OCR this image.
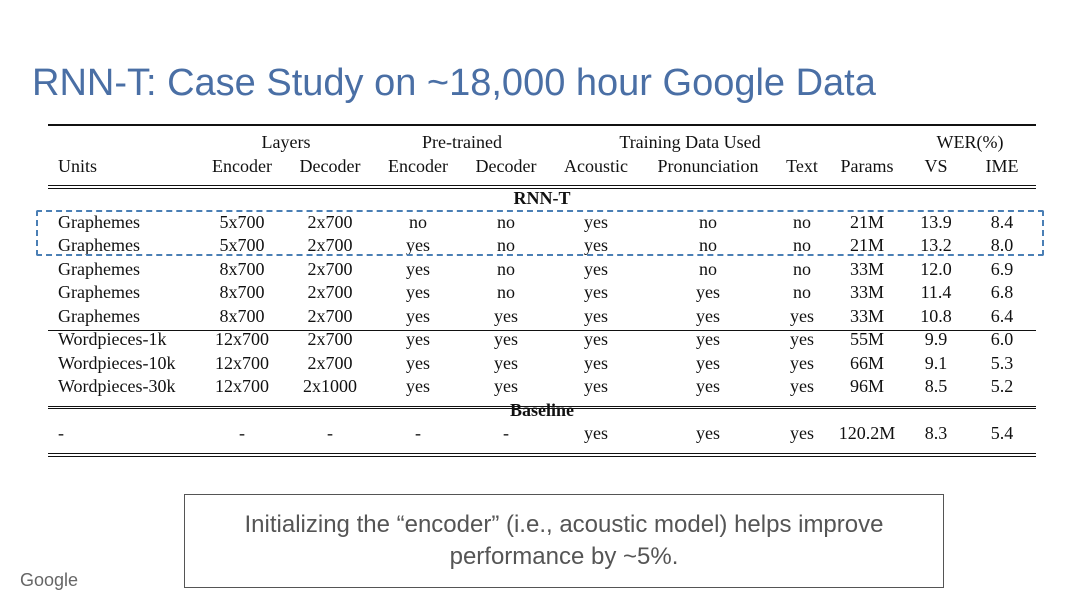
RNN-T: Case Study on ~18,000 hour Google Data
	Layers		Pre-trained		Training Data Used				WER(%)	
Units	Encoder	Decoder	Encoder	Decoder	Acoustic	Pronunciation	Text	Params	VS	IME
RNN-T										
Graphemes	5x700	2x700	no	no	yes	no	no	21M	13.9	8.4
Graphemes	5x700	2x700	yes	no	yes	no	no	21M	13.2	8.0
Graphemes	8x700	2x700	yes	no	yes	no	no	33M	12.0	6.9
Graphemes	8x700	2x700	yes	no	yes	yes	no	33M	11.4	6.8
Graphemes	8x700	2x700	yes	yes	yes	yes	yes	33M	10.8	6.4
Wordpieces-1k	12x700	2x700	yes	yes	yes	yes	yes	55M	9.9	6.0
Wordpieces-10k	12x700	2x700	yes	yes	yes	yes	yes	66M	9.1	5.3
Wordpieces-30k	12x700	2x1000	yes	yes	yes	yes	yes	96M	8.5	5.2
Baseline										
-	-	-	-	-	yes	yes	yes	120.2M	8.3	5.4
Initializing the “encoder” (i.e., acoustic model) helps improve performance by ~5%.
Google
